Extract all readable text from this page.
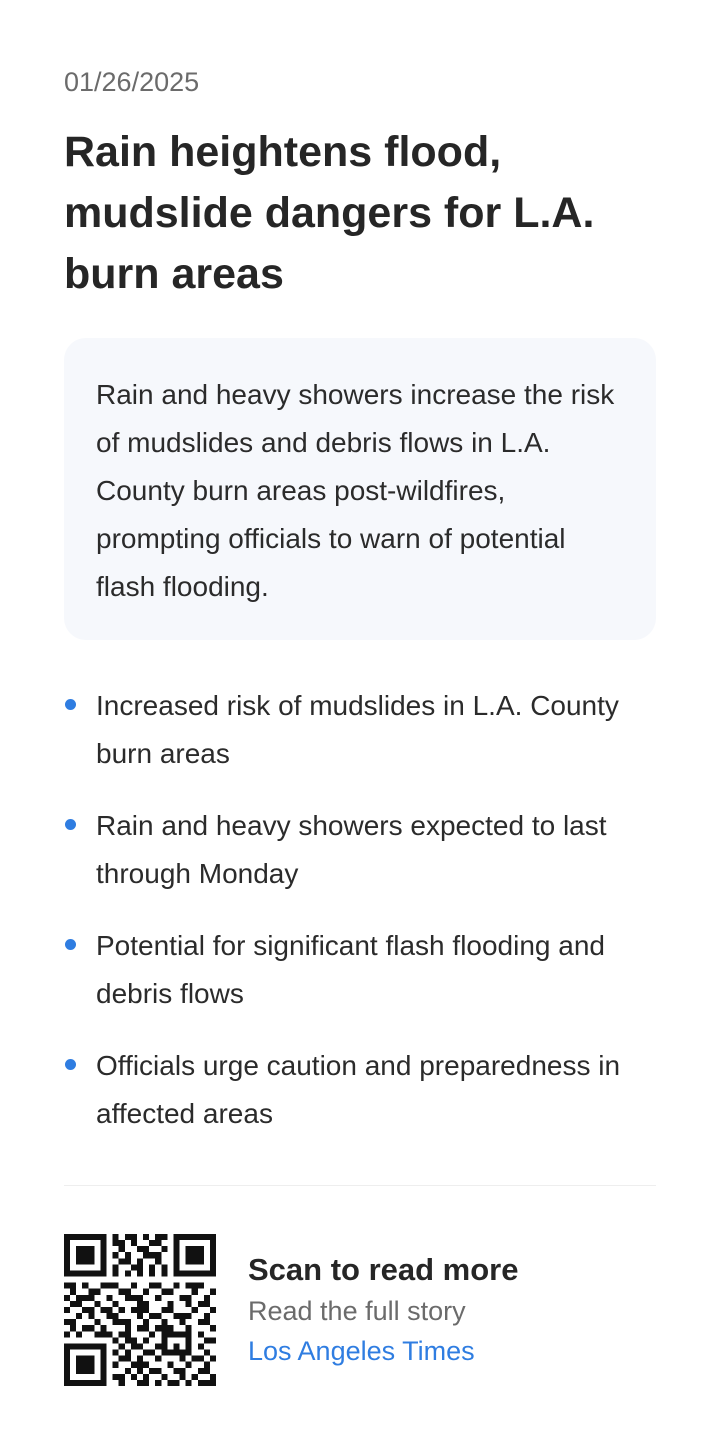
01/26/2025
Rain heightens flood, mudslide dangers for L.A. burn areas

Rain and heavy showers increase the risk of mudslides and debris flows in L.A. County burn areas post-wildfires, prompting officials to warn of potential flash flooding.

Increased risk of mudslides in L.A. County burn areas
Rain and heavy showers expected to last through Monday
Potential for significant flash flooding and debris flows
Officials urge caution and preparedness in affected areas
Scan to read more
Read the full story
Los Angeles Times
